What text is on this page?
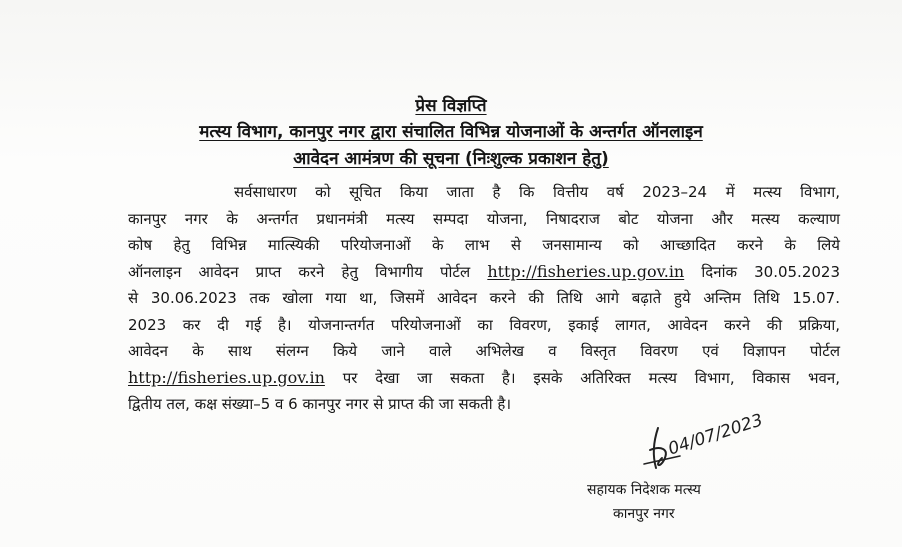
प्रेस विज्ञप्ति
मत्स्य विभाग, कानपुर नगर द्वारा संचालित विभिन्न योजनाओं के अन्तर्गत ऑनलाइन
आवेदन आमंत्रण की सूचना (निःशुल्क प्रकाशन हेतु)
सर्वसाधारण को सूचित किया जाता है कि वित्तीय वर्ष 2023–24 में मत्स्य विभाग,
कानपुर नगर के अन्तर्गत प्रधानमंत्री मत्स्य सम्पदा योजना, निषादराज बोट योजना और मत्स्य कल्याण
कोष हेतु विभिन्न मात्स्यिकी परियोजनाओं के लाभ से जनसामान्य को आच्छादित करने के लिये
ऑनलाइन आवेदन प्राप्त करने हेतु विभागीय पोर्टल http://fisheries.up.gov.in दिनांक 30.05.2023
से 30.06.2023 तक खोला गया था, जिसमें आवेदन करने की तिथि आगे बढ़ाते हुये अन्तिम तिथि 15.07.
2023 कर दी गई है। योजनान्तर्गत परियोजनाओं का विवरण, इकाई लागत, आवेदन करने की प्रक्रिया,
आवेदन के साथ संलग्न किये जाने वाले अभिलेख व विस्तृत विवरण एवं विज्ञापन पोर्टल
http://fisheries.up.gov.in पर देखा जा सकता है। इसके अतिरिक्त मत्स्य विभाग, विकास भवन,
द्वितीय तल, कक्ष संख्या–5 व 6 कानपुर नगर से प्राप्त की जा सकती है।
04/07/2023
सहायक निदेशक मत्स्य
कानपुर नगर
